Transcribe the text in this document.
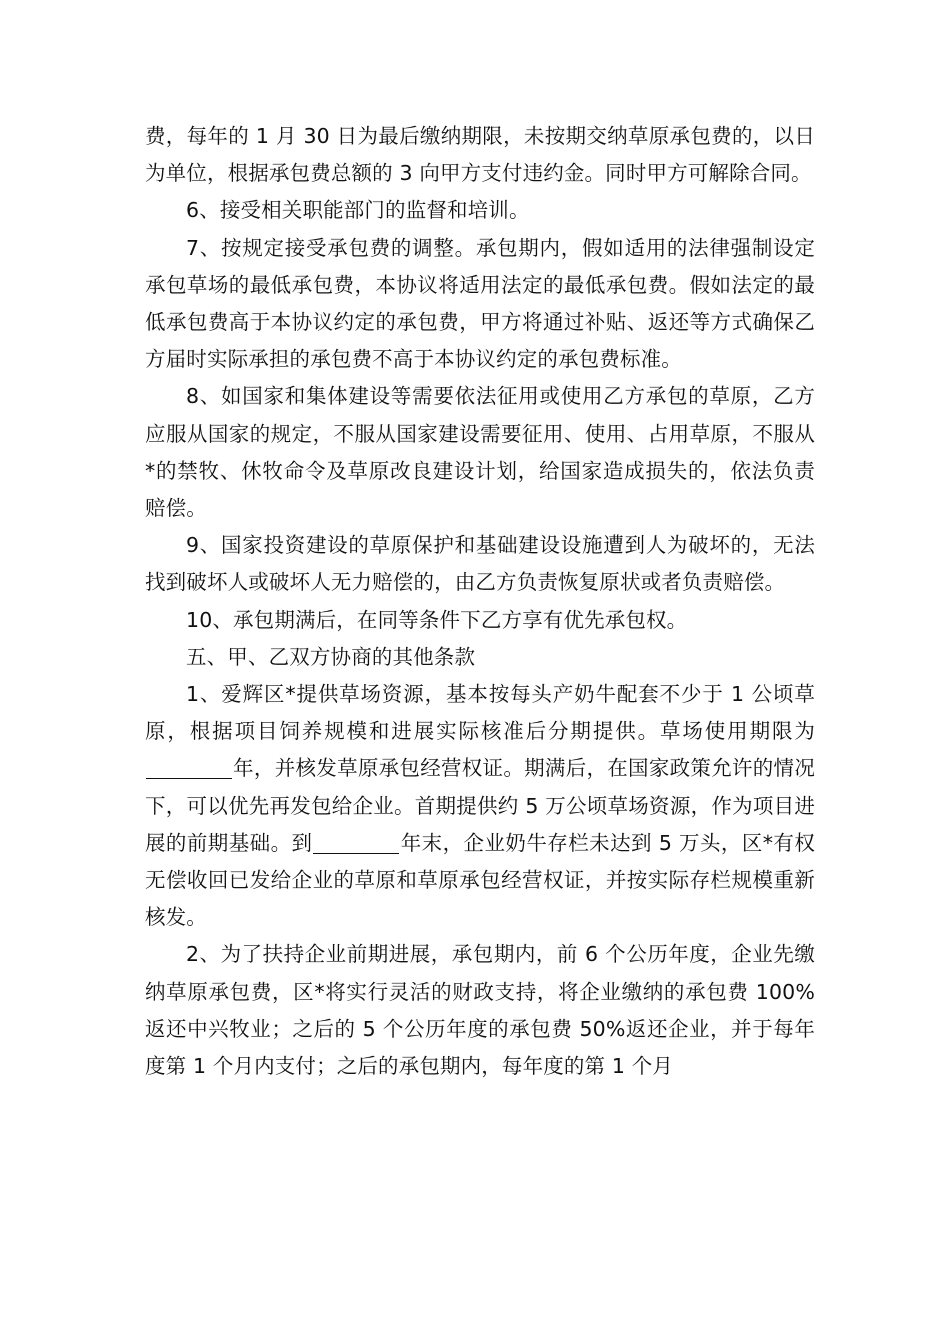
费，每年的 1 月 30 日为最后缴纳期限，未按期交纳草原承包费的，以日为单位，根据承包费总额的 3 向甲方支付违约金。同时甲方可解除合同。

6、接受相关职能部门的监督和培训。

7、按规定接受承包费的调整。承包期内，假如适用的法律强制设定承包草场的最低承包费，本协议将适用法定的最低承包费。假如法定的最低承包费高于本协议约定的承包费，甲方将通过补贴、返还等方式确保乙方届时实际承担的承包费不高于本协议约定的承包费标准。

8、如国家和集体建设等需要依法征用或使用乙方承包的草原，乙方应服从国家的规定，不服从国家建设需要征用、使用、占用草原，不服从*的禁牧、休牧命令及草原改良建设计划，给国家造成损失的，依法负责赔偿。

9、国家投资建设的草原保护和基础建设设施遭到人为破坏的，无法找到破坏人或破坏人无力赔偿的，由乙方负责恢复原状或者负责赔偿。

10、承包期满后，在同等条件下乙方享有优先承包权。

五、甲、乙双方协商的其他条款

1、爱辉区*提供草场资源，基本按每头产奶牛配套不少于 1 公顷草原，根据项目饲养规模和进展实际核准后分期提供。草场使用期限为年，并核发草原承包经营权证。期满后，在国家政策允许的情况下，可以优先再发包给企业。首期提供约 5 万公顷草场资源，作为项目进展的前期基础。到	年末，企业奶牛存栏未达到 5 万头，区*有权无偿收回已发给企业的草原和草原承包经营权证，并按实际存栏规模重新核发。

2、为了扶持企业前期进展，承包期内，前 6 个公历年度，企业先缴纳草原承包费，区*将实行灵活的财政支持，将企业缴纳的承包费 100%返还中兴牧业；之后的 5 个公历年度的承包费 50%返还企业，并于每年度第 1 个月内支付；之后的承包期内，每年度的第 1 个月
